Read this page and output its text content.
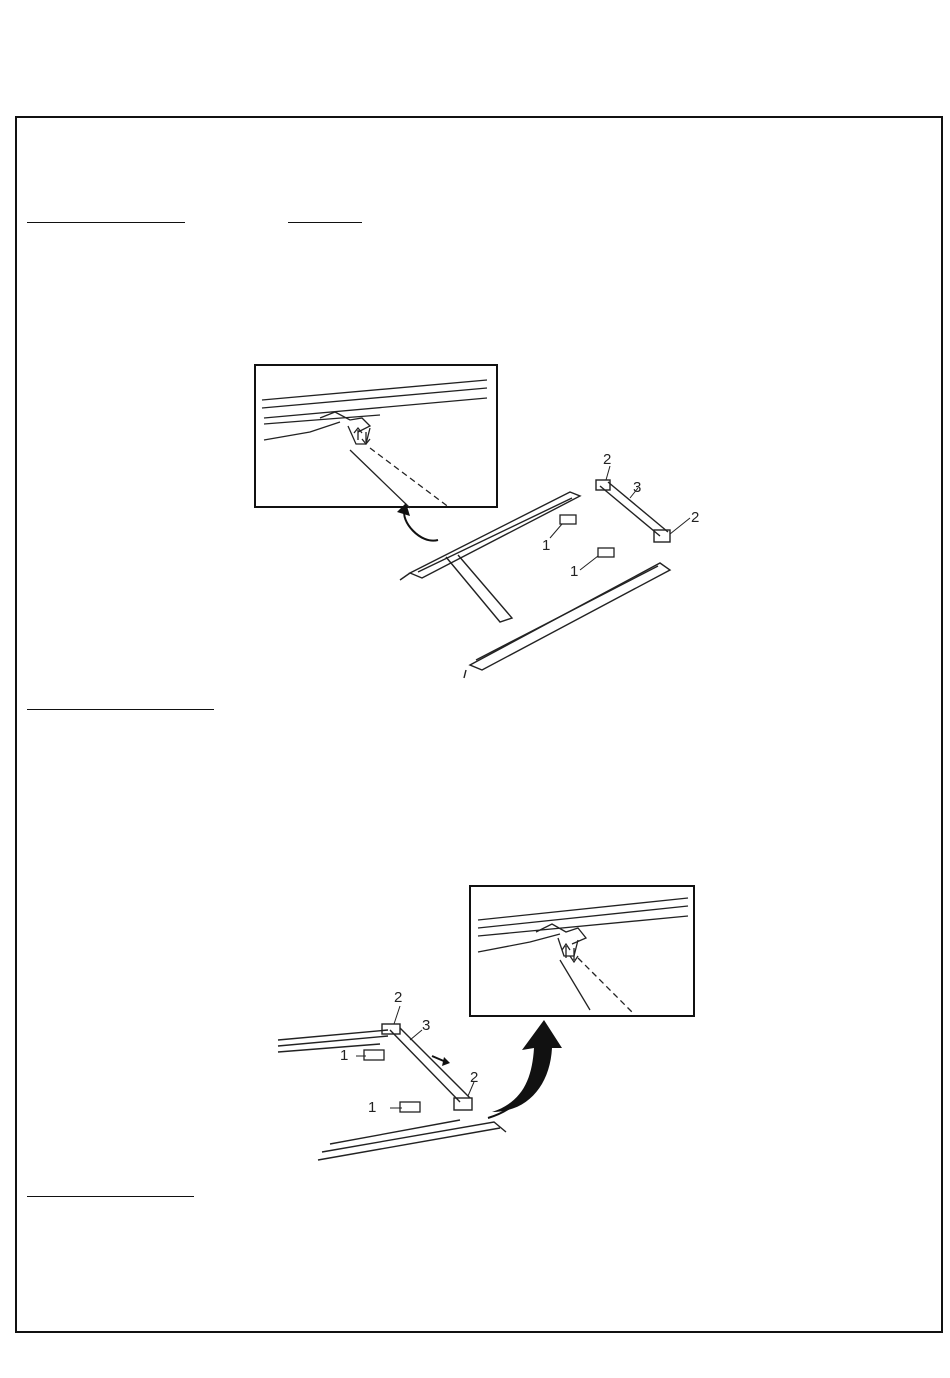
1
1
2
2
3
1
1
2
2
3
